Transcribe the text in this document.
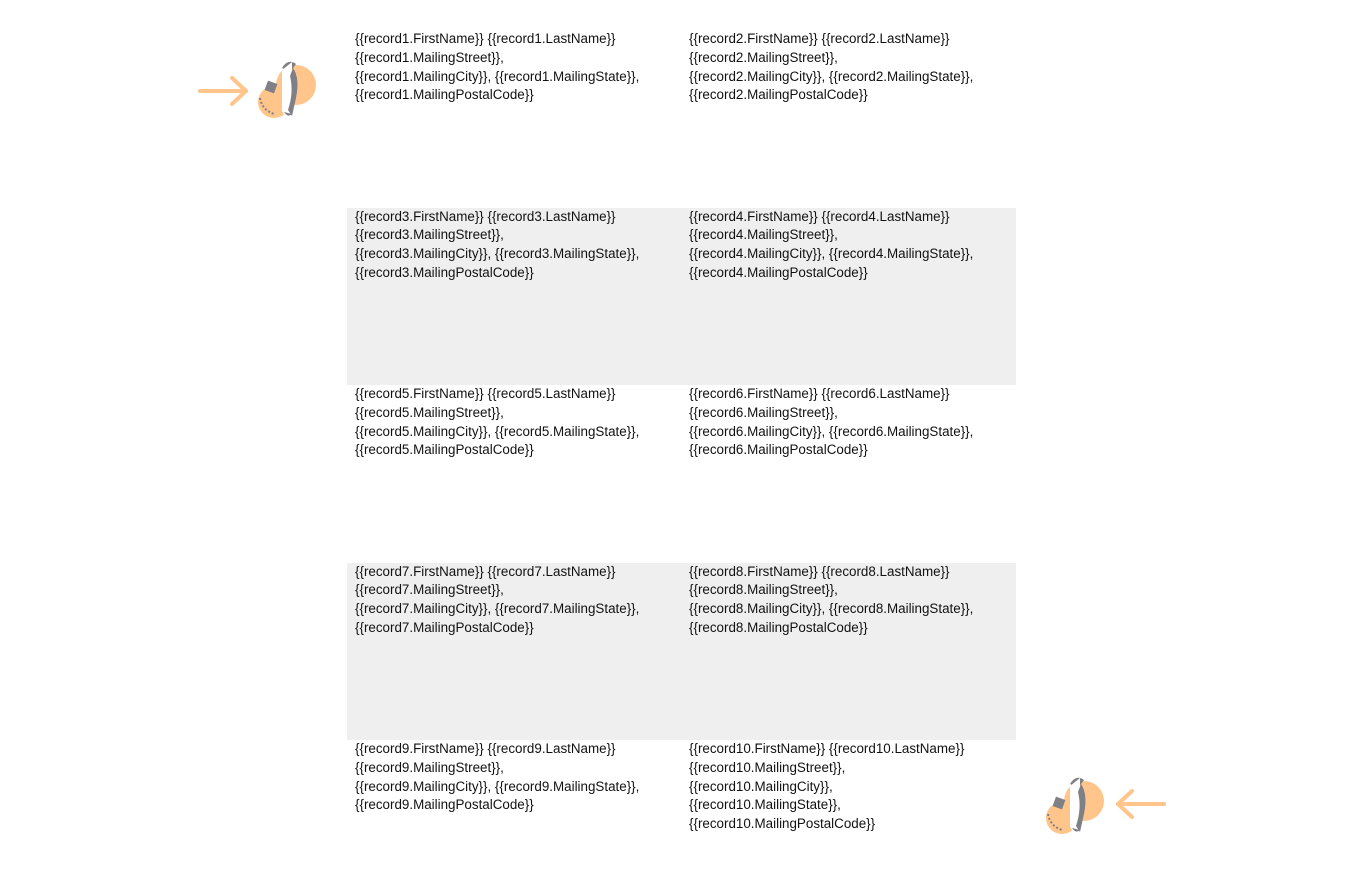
{{record1.FirstName}} {{record1.LastName}}
{{record1.MailingStreet}},
{{record1.MailingCity}}, {{record1.MailingState}},
{{record1.MailingPostalCode}}
{{record2.FirstName}} {{record2.LastName}}
{{record2.MailingStreet}},
{{record2.MailingCity}}, {{record2.MailingState}},
{{record2.MailingPostalCode}}
{{record3.FirstName}} {{record3.LastName}}
{{record3.MailingStreet}},
{{record3.MailingCity}}, {{record3.MailingState}},
{{record3.MailingPostalCode}}
{{record4.FirstName}} {{record4.LastName}}
{{record4.MailingStreet}},
{{record4.MailingCity}}, {{record4.MailingState}},
{{record4.MailingPostalCode}}
{{record5.FirstName}} {{record5.LastName}}
{{record5.MailingStreet}},
{{record5.MailingCity}}, {{record5.MailingState}},
{{record5.MailingPostalCode}}
{{record6.FirstName}} {{record6.LastName}}
{{record6.MailingStreet}},
{{record6.MailingCity}}, {{record6.MailingState}},
{{record6.MailingPostalCode}}
{{record7.FirstName}} {{record7.LastName}}
{{record7.MailingStreet}},
{{record7.MailingCity}}, {{record7.MailingState}},
{{record7.MailingPostalCode}}
{{record8.FirstName}} {{record8.LastName}}
{{record8.MailingStreet}},
{{record8.MailingCity}}, {{record8.MailingState}},
{{record8.MailingPostalCode}}
{{record9.FirstName}} {{record9.LastName}}
{{record9.MailingStreet}},
{{record9.MailingCity}}, {{record9.MailingState}},
{{record9.MailingPostalCode}}
{{record10.FirstName}} {{record10.LastName}}
{{record10.MailingStreet}},
{{record10.MailingCity}},
{{record10.MailingState}},
{{record10.MailingPostalCode}}
